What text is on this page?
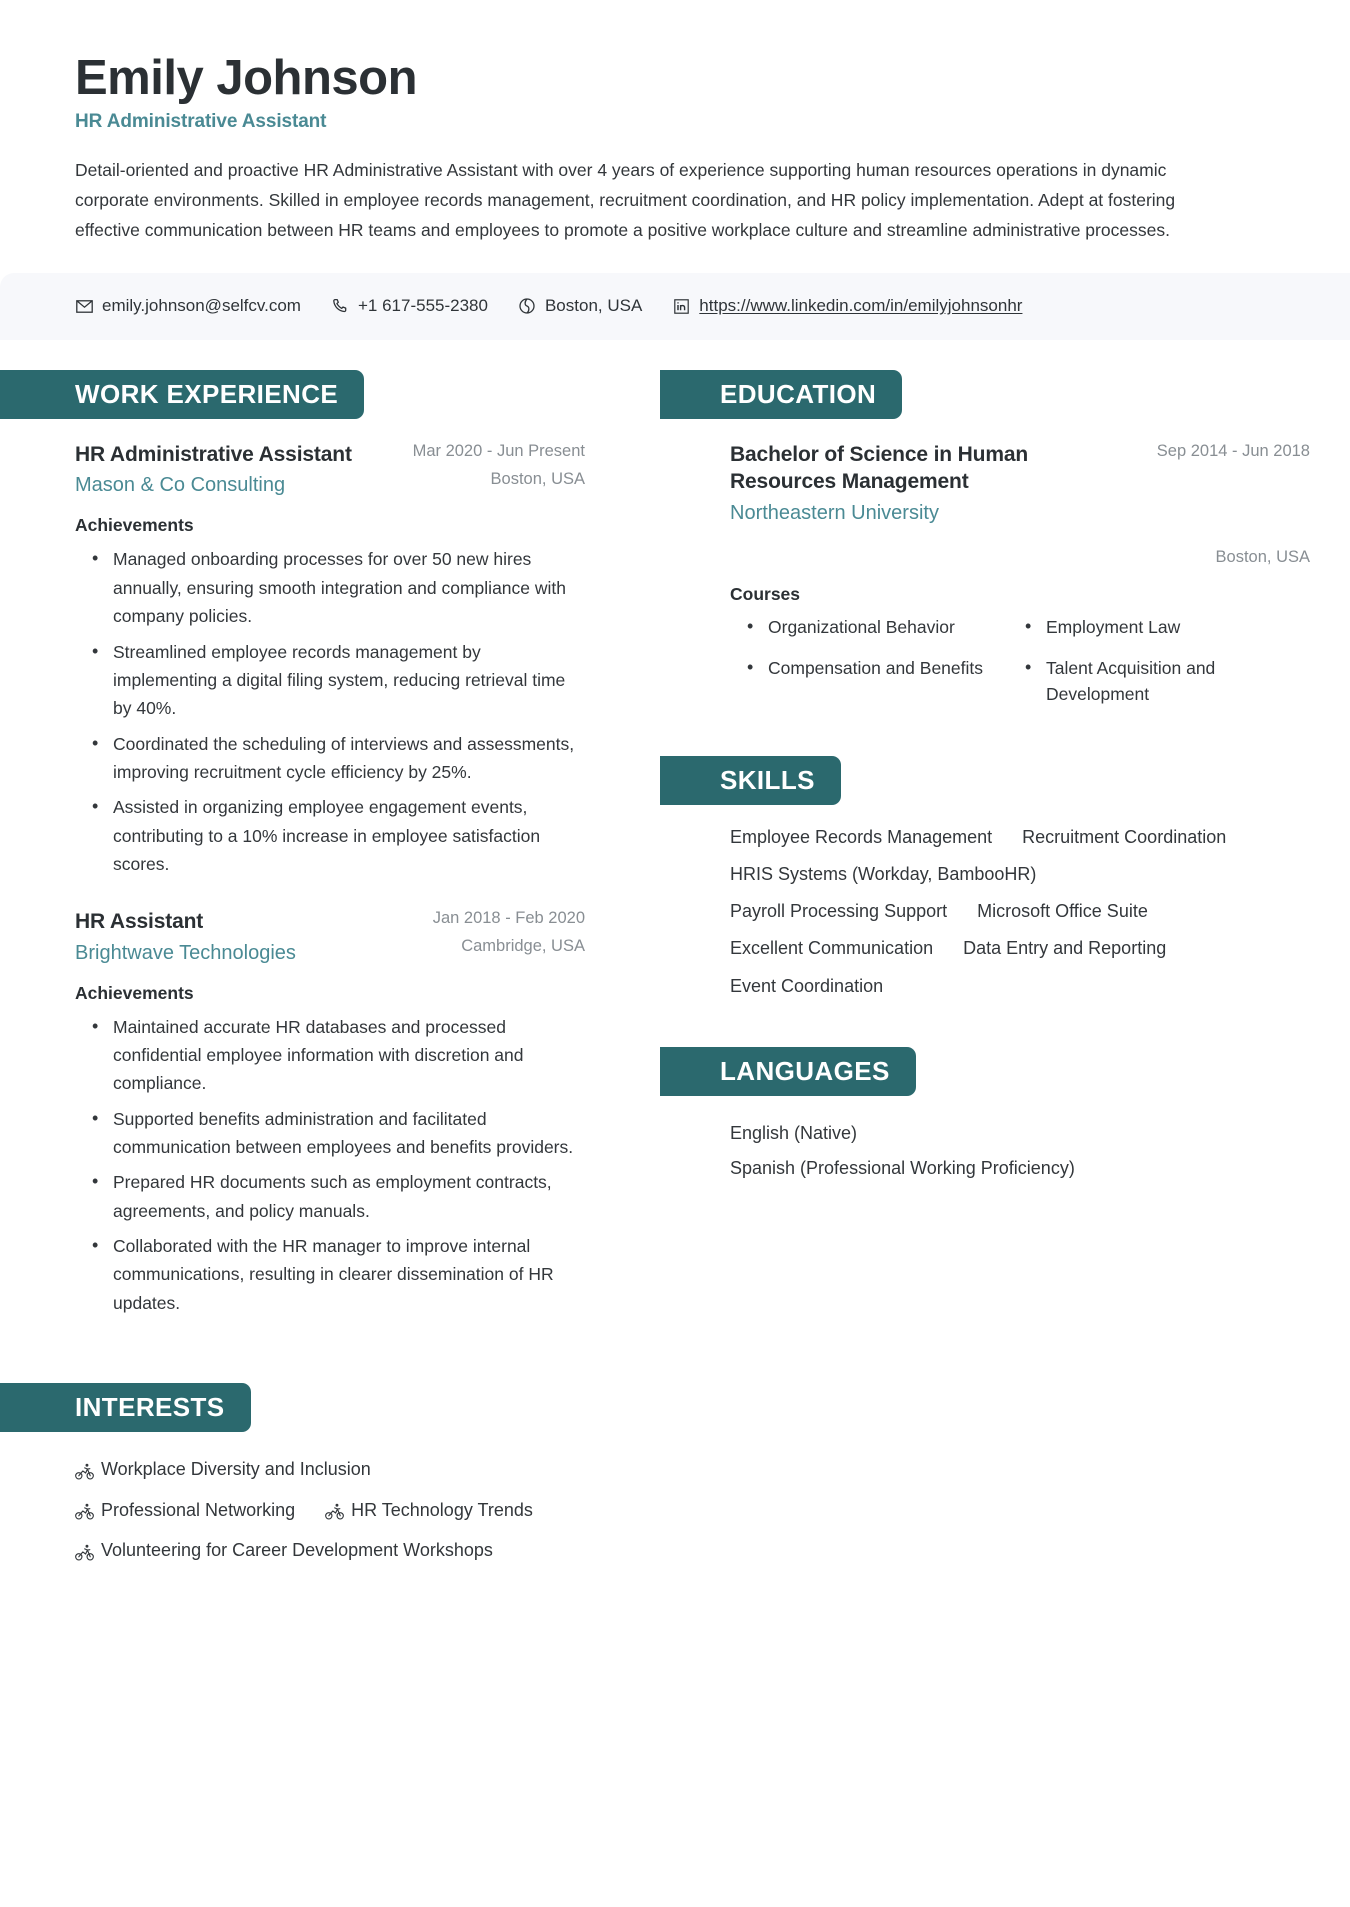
Emily Johnson
HR Administrative Assistant

Detail-oriented and proactive HR Administrative Assistant with over 4 years of experience supporting human resources operations in dynamic corporate environments. Skilled in employee records management, recruitment coordination, and HR policy implementation. Adept at fostering effective communication between HR teams and employees to promote a positive workplace culture and streamline administrative processes.

emily.johnson@selfcv.com	+1 617-555-2380	Boston, USA	https://www.linkedin.com/in/emilyjohnsonhr
WORK EXPERIENCE
HR Administrative Assistant
Mason & Co Consulting
Mar 2020 - Jun Present
Boston, USA
Achievements
• Managed onboarding processes for over 50 new hires annually, ensuring smooth integration and compliance with company policies.
• Streamlined employee records management by implementing a digital filing system, reducing retrieval time by 40%.
• Coordinated the scheduling of interviews and assessments, improving recruitment cycle efficiency by 25%.
• Assisted in organizing employee engagement events, contributing to a 10% increase in employee satisfaction scores.
HR Assistant
Brightwave Technologies
Jan 2018 - Feb 2020
Cambridge, USA
Achievements
• Maintained accurate HR databases and processed confidential employee information with discretion and compliance.
• Supported benefits administration and facilitated communication between employees and benefits providers.
• Prepared HR documents such as employment contracts, agreements, and policy manuals.
• Collaborated with the HR manager to improve internal communications, resulting in clearer dissemination of HR updates.
INTERESTS
Workplace Diversity and Inclusion
Professional Networking	HR Technology Trends
Volunteering for Career Development Workshops
EDUCATION
Bachelor of Science in Human Resources Management
Northeastern University
Sep 2014 - Jun 2018
Boston, USA
Courses
• Organizational Behavior	• Employment Law
• Compensation and Benefits	• Talent Acquisition and Development
SKILLS
Employee Records Management Recruitment Coordination
HRIS Systems (Workday, BambooHR)
Payroll Processing Support Microsoft Office Suite
Excellent Communication Data Entry and Reporting
Event Coordination
LANGUAGES
English (Native)
Spanish (Professional Working Proficiency)
